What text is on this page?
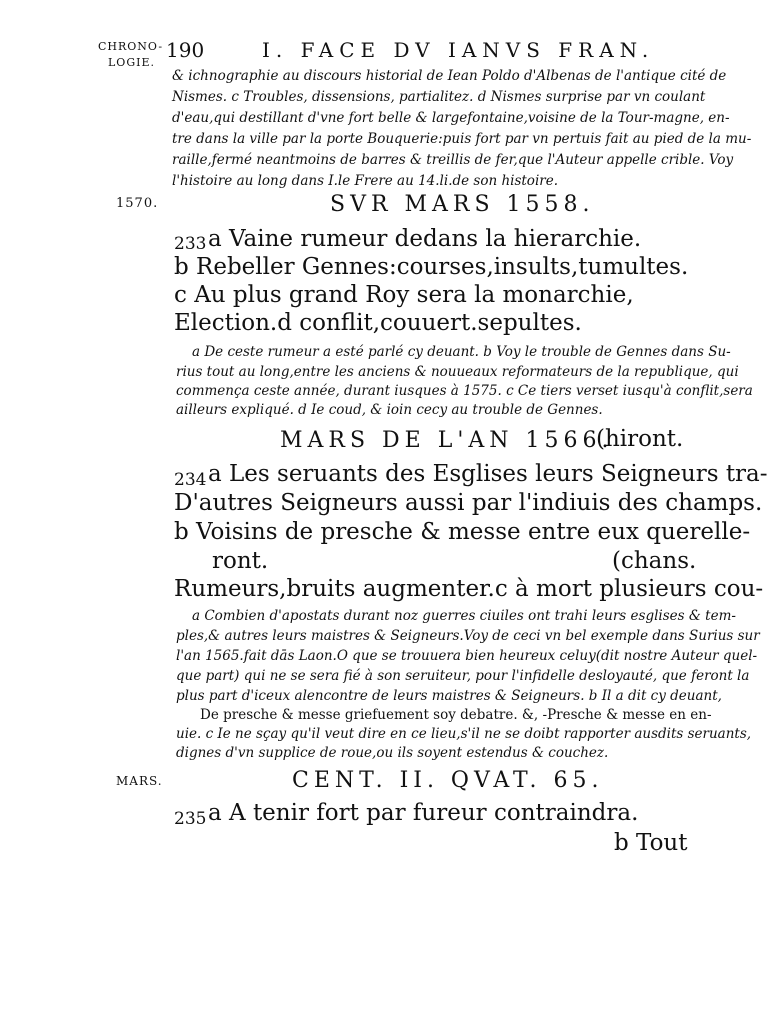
CHRONO-
LOGIE.
190	I. FACE DV IANVS FRAN.
& ichnographie au discours historial de Iean Poldo d'Albenas de l'antique cité de
Nismes. c Troubles, dissensions, partialitez. d Nismes surprise par vn coulant
d'eau,qui destillant d'vne fort belle & largefontaine,voisine de la Tour-magne, en-
tre dans la ville par la porte Bouquerie:puis fort par vn pertuis fait au pied de la mu-
raille,fermé neantmoins de barres & treillis de fer,que l'Auteur appelle crible. Voy
l'histoire au long dans I.le Frere au 14.li.de son histoire.
1570.	SVR MARS 1558.
233 a Vaine rumeur dedans la hierarchie.
b Rebeller Gennes:courses,insults,tumultes.
c Au plus grand Roy sera la monarchie,
Election.d conflit,couuert.sepultes.
a De ceste rumeur a esté parlé cy deuant. b Voy le trouble de Gennes dans Su-
rius tout au long,entre les anciens & nouueaux reformateurs de la republique, qui
commença ceste année, durant iusques à 1575. c Ce tiers verset iusqu'à conflit,sera
ailleurs expliqué. d Ie coud, & ioin cecy au trouble de Gennes.
MARS DE L'AN 1566.
(hiront.
234 a Les seruants des Esglises leurs Seigneurs tra-
D'autres Seigneurs aussi par l'indiuis des champs.
b Voisins de presche & messe entre eux querelle-
ront.	(chans.
Rumeurs,bruits augmenter.c à mort plusieurs cou-
a Combien d'apostats durant noz guerres ciuiles ont trahi leurs esglises & tem-
ples,& autres leurs maistres & Seigneurs.Voy de ceci vn bel exemple dans Surius sur
l'an 1565.fait dās Laon.O que se trouuera bien heureux celuy(dit nostre Auteur quel-
que part) qui ne se sera fié à son seruiteur, pour l'infidelle desloyauté, que feront la
plus part d'iceux alencontre de leurs maistres & Seigneurs. b Il a dit cy deuant,
De presche & messe griefuement soy debatre. &, -Presche & messe en en-
uie. c Ie ne sçay qu'il veut dire en ce lieu,s'il ne se doibt rapporter ausdits seruants,
dignes d'vn supplice de roue,ou ils soyent estendus & couchez.
MARS.	CENT. II. QVAT. 65.
235 a A tenir fort par fureur contraindra.
b Tout
